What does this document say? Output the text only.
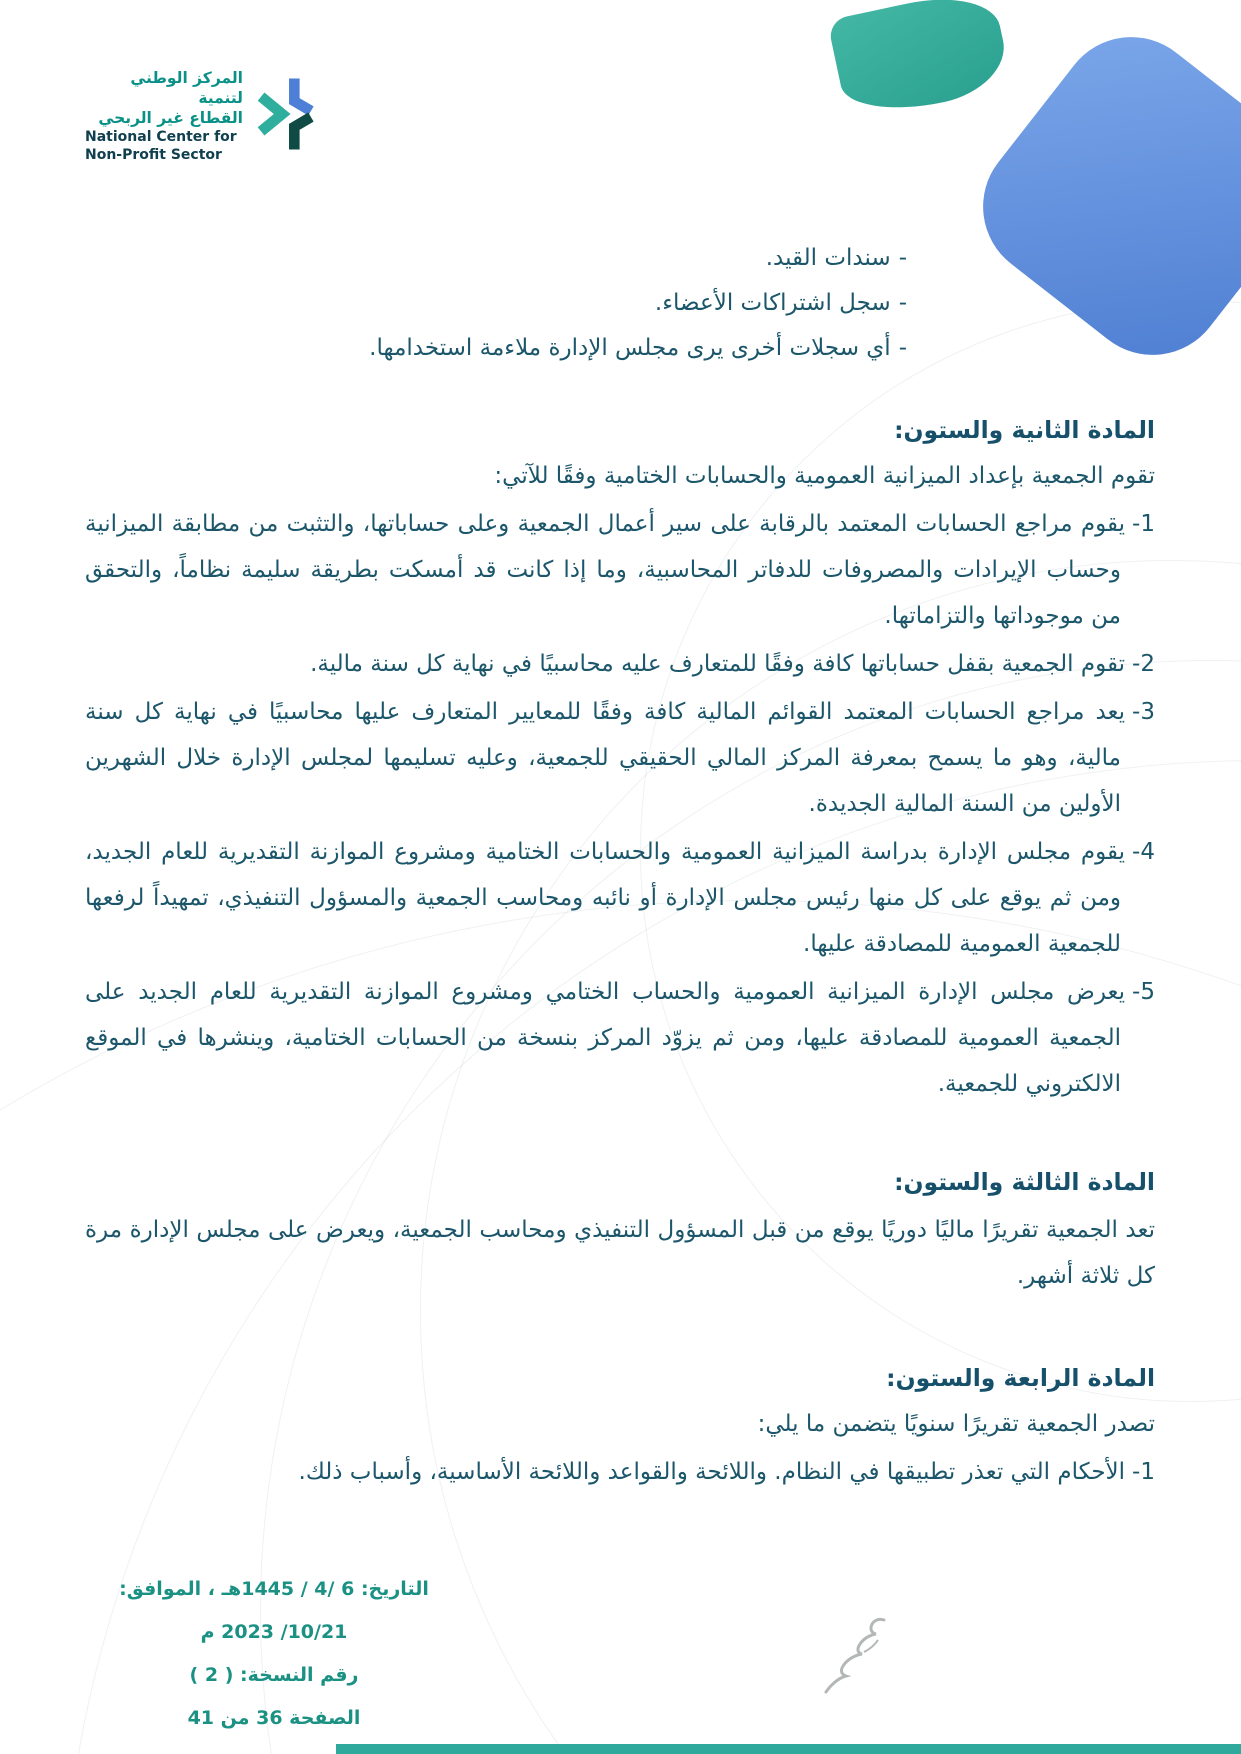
المركز الوطني لتنمية
القطاع غير الربحي
National Center for
Non-Profit Sector
-سندات القيد.
-سجل اشتراكات الأعضاء.
-أي سجلات أخرى يرى مجلس الإدارة ملاءمة استخدامها.
المادة الثانية والستون:
تقوم الجمعية بإعداد الميزانية العمومية والحسابات الختامية وفقًا للآتي:
1-يقوم مراجع الحسابات المعتمد بالرقابة على سير أعمال الجمعية وعلى حساباتها، والتثبت من مطابقة الميزانية وحساب الإيرادات والمصروفات للدفاتر المحاسبية، وما إذا كانت قد أمسكت بطريقة سليمة نظاماً، والتحقق من موجوداتها والتزاماتها.
2-تقوم الجمعية بقفل حساباتها كافة وفقًا للمتعارف عليه محاسبيًا في نهاية كل سنة مالية.
3-يعد مراجع الحسابات المعتمد القوائم المالية كافة وفقًا للمعايير المتعارف عليها محاسبيًا في نهاية كل سنة مالية، وهو ما يسمح بمعرفة المركز المالي الحقيقي للجمعية، وعليه تسليمها لمجلس الإدارة خلال الشهرين الأولين من السنة المالية الجديدة.
4-يقوم مجلس الإدارة بدراسة الميزانية العمومية والحسابات الختامية ومشروع الموازنة التقديرية للعام الجديد، ومن ثم يوقع على كل منها رئيس مجلس الإدارة أو نائبه ومحاسب الجمعية والمسؤول التنفيذي، تمهيداً لرفعها للجمعية العمومية للمصادقة عليها.
5-يعرض مجلس الإدارة الميزانية العمومية والحساب الختامي ومشروع الموازنة التقديرية للعام الجديد على الجمعية العمومية للمصادقة عليها، ومن ثم يزوّد المركز بنسخة من الحسابات الختامية، وينشرها في الموقع الالكتروني للجمعية.
المادة الثالثة والستون:
تعد الجمعية تقريرًا ماليًا دوريًا يوقع من قبل المسؤول التنفيذي ومحاسب الجمعية، ويعرض على مجلس الإدارة مرة كل ثلاثة أشهر.
المادة الرابعة والستون:
تصدر الجمعية تقريرًا سنويًا يتضمن ما يلي:
1-الأحكام التي تعذر تطبيقها في النظام. واللائحة والقواعد واللائحة الأساسية، وأسباب ذلك.
التاريخ: 6 /4 / 1445هـ ، الموافق: 10/21/ 2023 م
رقم النسخة: ( 2 )
الصفحة 36 من 41
